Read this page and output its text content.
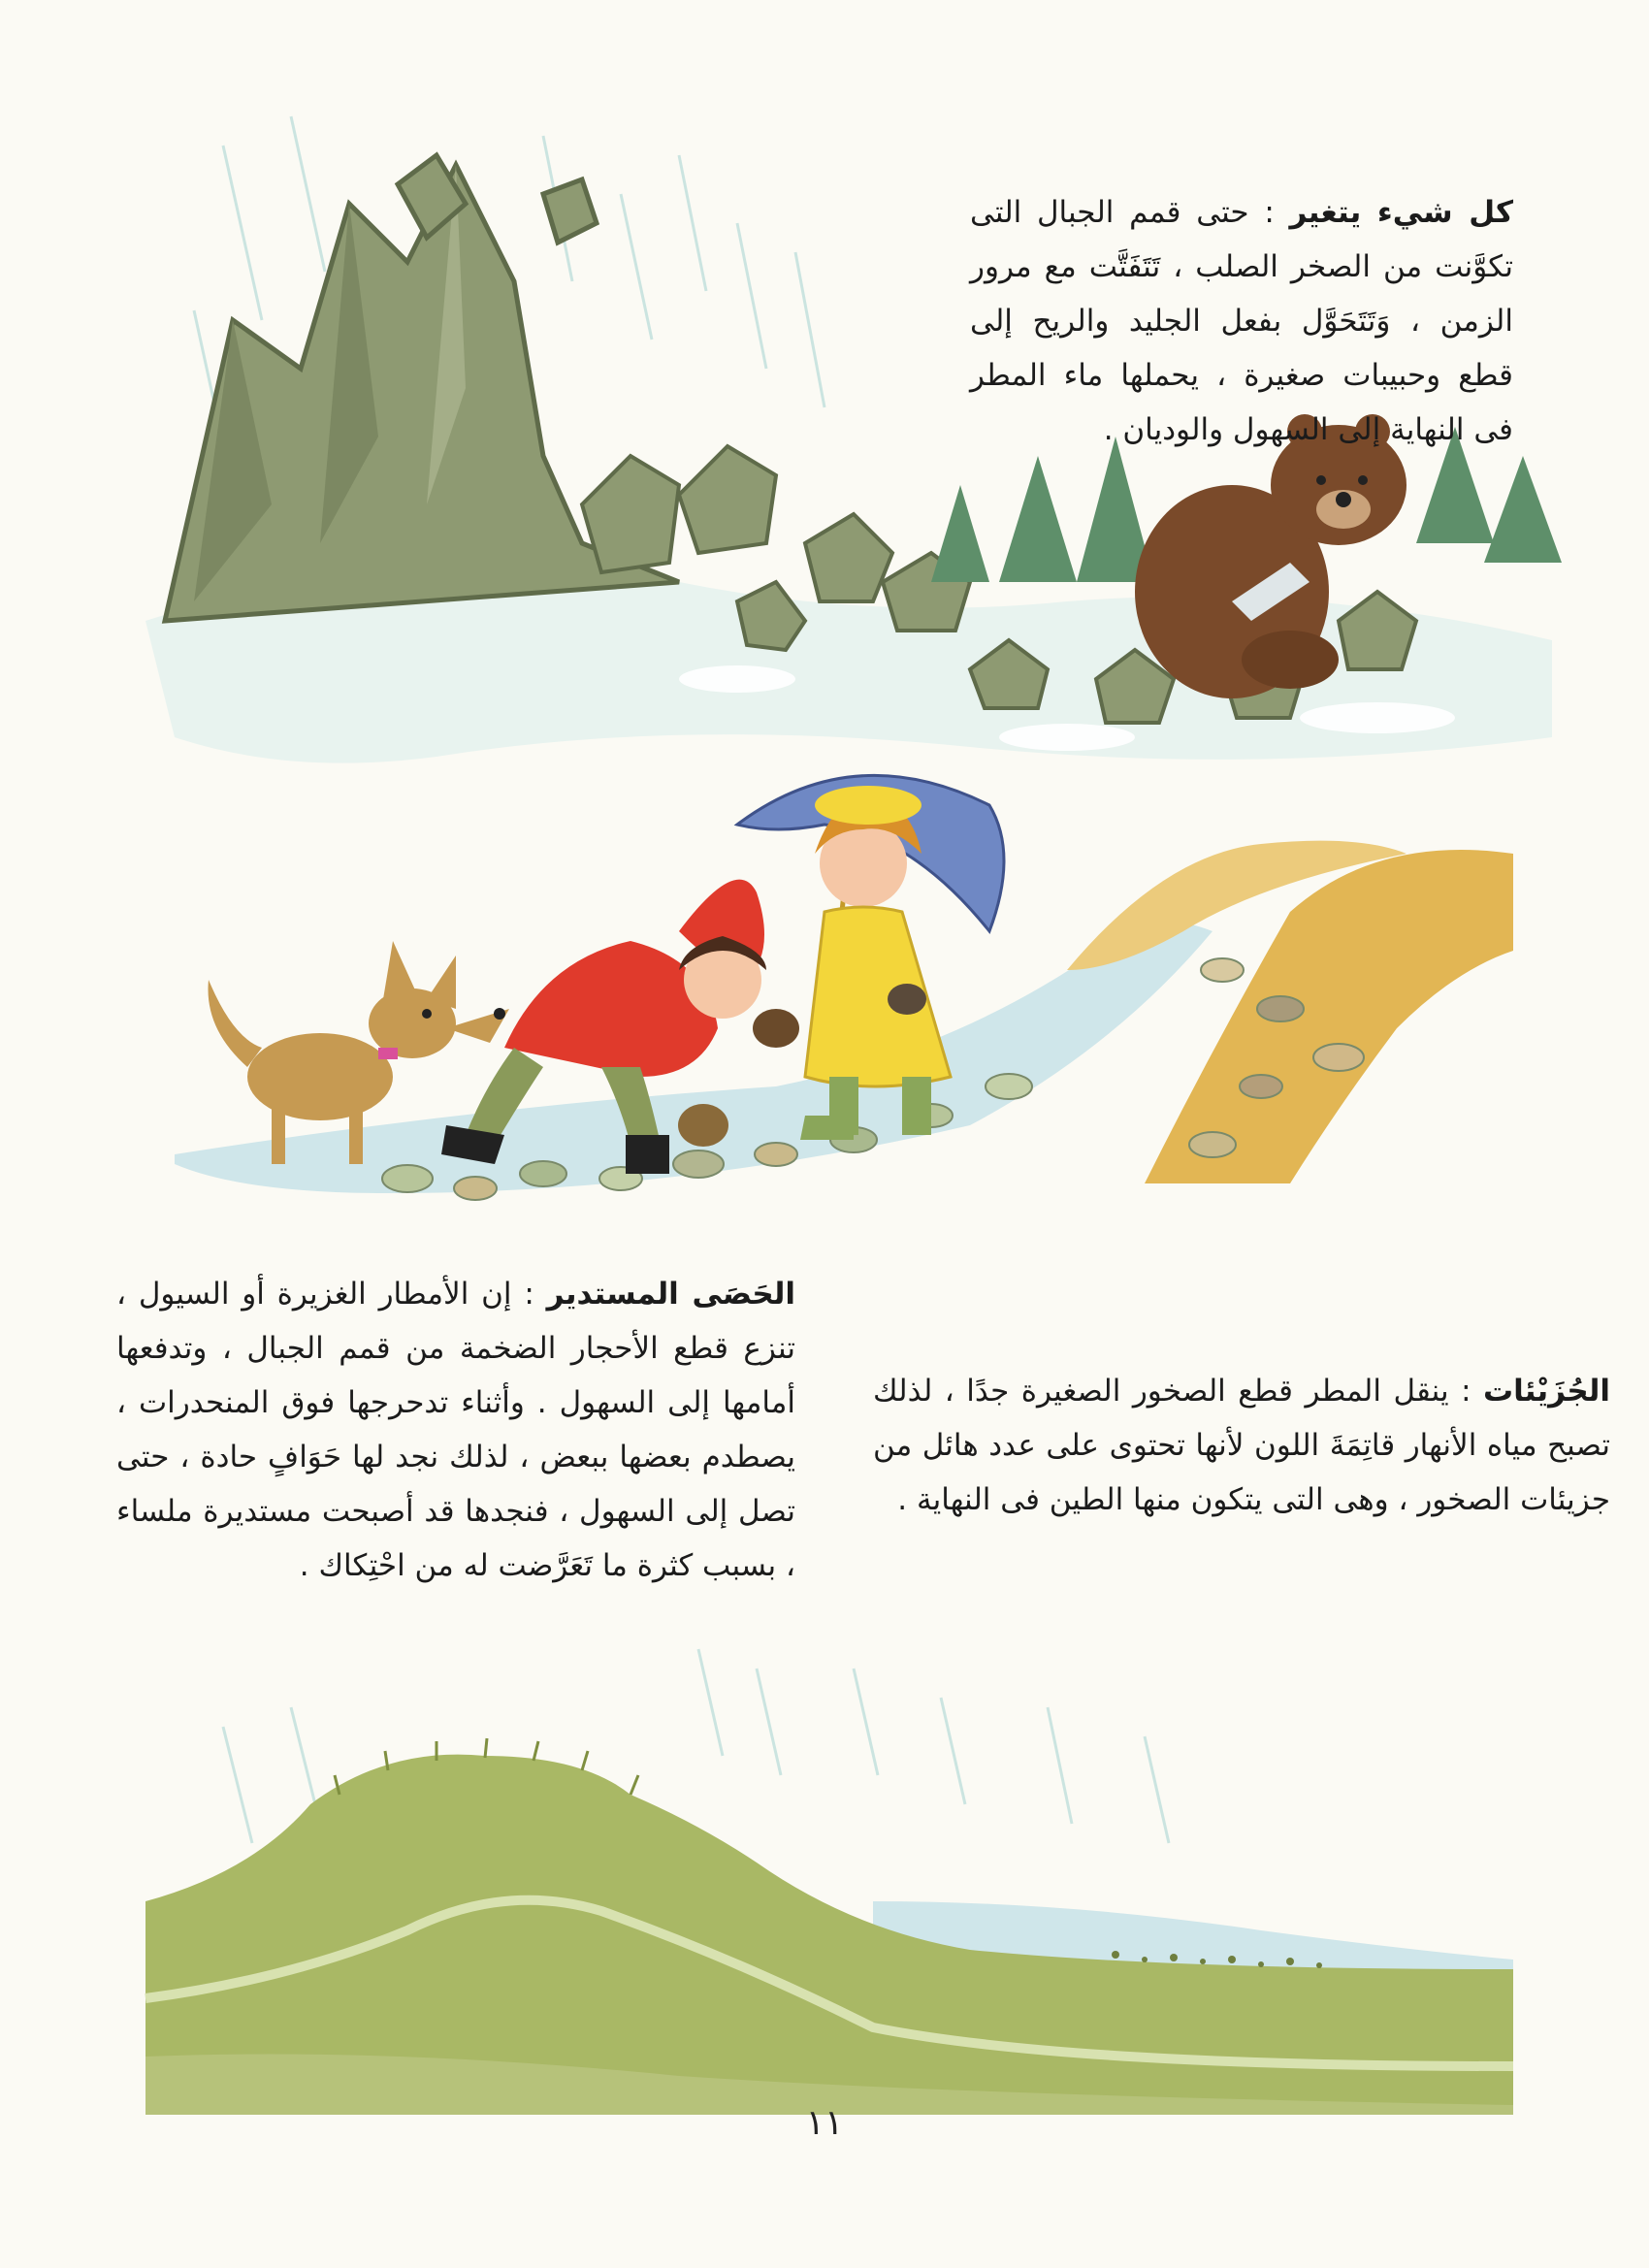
كل شيء يتغير : حتى قمم الجبال التى تكوَّنت من الصخر الصلب ، تَتَفَتَّت مع مرور الزمن ، وَتَتَحَوَّل بفعل الجليد والريح إلى قطع وحبيبات صغيرة ، يحملها ماء المطر فى النهاية إلى السهول والوديان .

الحَصَى المستدير : إن الأمطار الغزيرة أو السيول ، تنزع قطع الأحجار الضخمة من قمم الجبال ، وتدفعها أمامها إلى السهول . وأثناء تدحرجها فوق المنحدرات ، يصطدم بعضها ببعض ، لذلك نجد لها حَوَافٍ حادة ، حتى تصل إلى السهول ، فنجدها قد أصبحت مستديرة ملساء ، بسبب كثرة ما تَعَرَّضت له من احْتِكاك .

الجُزَيْئات : ينقل المطر قطع الصخور الصغيرة جدًا ، لذلك تصبح مياه الأنهار قاتِمَةَ اللون لأنها تحتوى على عدد هائل من جزيئات الصخور ، وهى التى يتكون منها الطين فى النهاية .

١١
